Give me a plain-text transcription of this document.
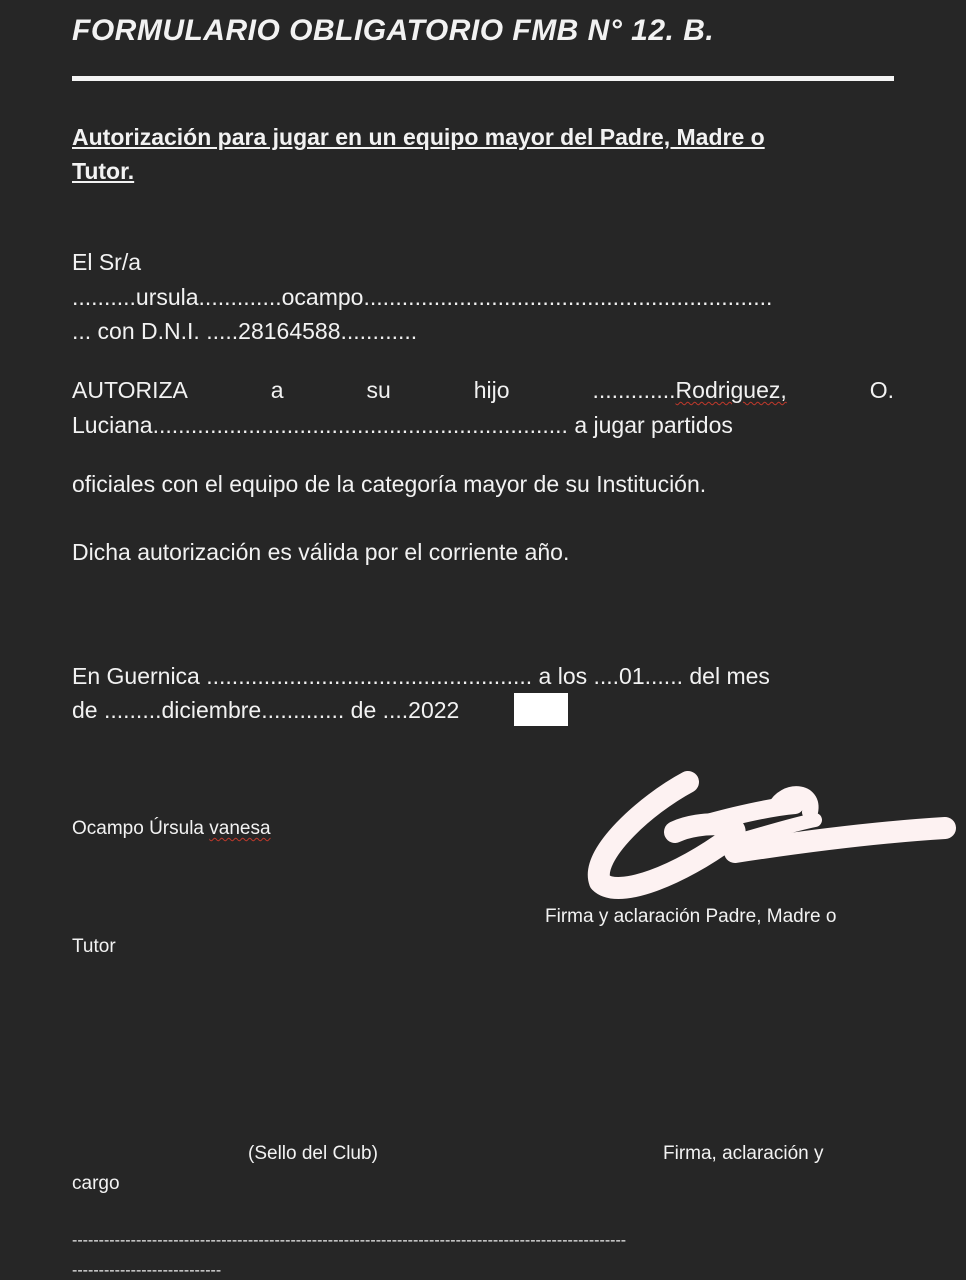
FORMULARIO OBLIGATORIO FMB N° 12. B.
Autorización para jugar en un equipo mayor del Padre, Madre o
Tutor.
El Sr/a
..........ursula.............ocampo................................................................
... con D.N.I. .....28164588............
AUTORIZA	a	su	hijo	.............Rodriguez,	O.
Luciana................................................................. a jugar partidos
oficiales con el equipo de la categoría mayor de su Institución.
Dicha autorización es válida por el corriente año.
En Guernica ................................................... a los ....01...... del mes
de .........diciembre............. de ....2022
Ocampo Úrsula vanesa
Firma y aclaración Padre, Madre o
Tutor
(Sello del Club)	Firma, aclaración y
cargo
--------------------------------------------------------------------------------------------------------
----------------------------
